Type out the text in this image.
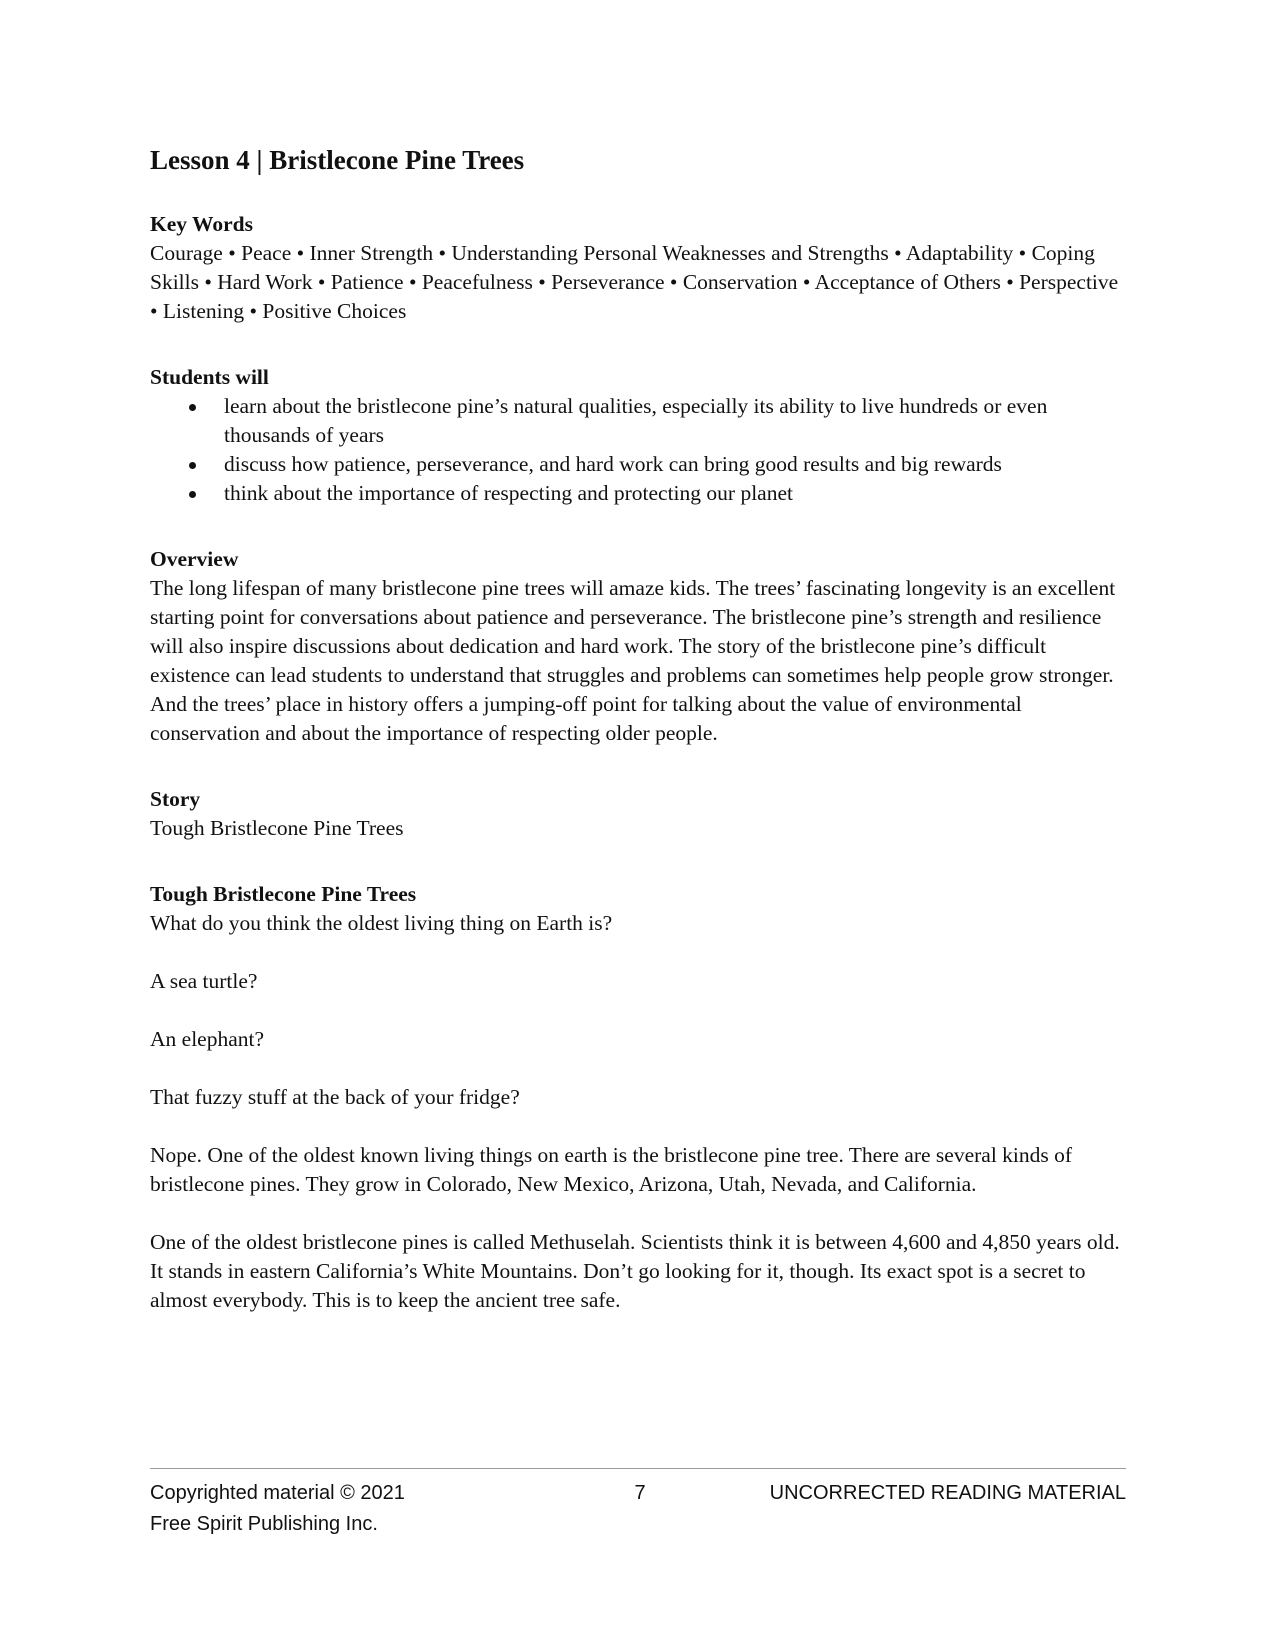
Lesson 4 | Bristlecone Pine Trees

Key Words

Courage • Peace • Inner Strength • Understanding Personal Weaknesses and Strengths • Adaptability • Coping Skills • Hard Work • Patience • Peacefulness • Perseverance • Conservation • Acceptance of Others • Perspective • Listening • Positive Choices

Students will

learn about the bristlecone pine’s natural qualities, especially its ability to live hundreds or even thousands of years
discuss how patience, perseverance, and hard work can bring good results and big rewards
think about the importance of respecting and protecting our planet

Overview

The long lifespan of many bristlecone pine trees will amaze kids. The trees’ fascinating longevity is an excellent starting point for conversations about patience and perseverance. The bristlecone pine’s strength and resilience will also inspire discussions about dedication and hard work. The story of the bristlecone pine’s difficult existence can lead students to understand that struggles and problems can sometimes help people grow stronger. And the trees’ place in history offers a jumping-off point for talking about the value of environmental conservation and about the importance of respecting older people.

Story

Tough Bristlecone Pine Trees

Tough Bristlecone Pine Trees

What do you think the oldest living thing on Earth is?

A sea turtle?

An elephant?

That fuzzy stuff at the back of your fridge?

Nope. One of the oldest known living things on earth is the bristlecone pine tree. There are several kinds of bristlecone pines. They grow in Colorado, New Mexico, Arizona, Utah, Nevada, and California.

One of the oldest bristlecone pines is called Methuselah. Scientists think it is between 4,600 and 4,850 years old. It stands in eastern California’s White Mountains. Don’t go looking for it, though. Its exact spot is a secret to almost everybody. This is to keep the ancient tree safe.

Copyrighted material © 2021
Free Spirit Publishing Inc.
7	UNCORRECTED READING MATERIAL
